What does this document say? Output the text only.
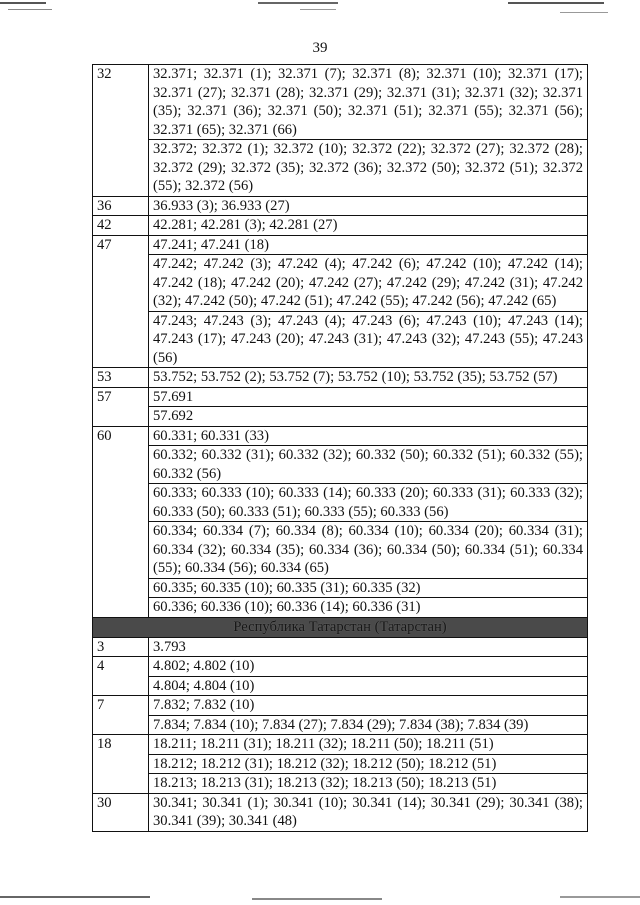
39
32	32.371; 32.371 (1); 32.371 (7); 32.371 (8); 32.371 (10); 32.371 (17); 32.371 (27); 32.371 (28); 32.371 (29); 32.371 (31); 32.371 (32); 32.371 (35); 32.371 (36); 32.371 (50); 32.371 (51); 32.371 (55); 32.371 (56); 32.371 (65); 32.371 (66)
	32.372; 32.372 (1); 32.372 (10); 32.372 (22); 32.372 (27); 32.372 (28); 32.372 (29); 32.372 (35); 32.372 (36); 32.372 (50); 32.372 (51); 32.372 (55); 32.372 (56)
36	36.933 (3); 36.933 (27)
42	42.281; 42.281 (3); 42.281 (27)
47	47.241; 47.241 (18)
	47.242; 47.242 (3); 47.242 (4); 47.242 (6); 47.242 (10); 47.242 (14); 47.242 (18); 47.242 (20); 47.242 (27); 47.242 (29); 47.242 (31); 47.242 (32); 47.242 (50); 47.242 (51); 47.242 (55); 47.242 (56); 47.242 (65)
	47.243; 47.243 (3); 47.243 (4); 47.243 (6); 47.243 (10); 47.243 (14); 47.243 (17); 47.243 (20); 47.243 (31); 47.243 (32); 47.243 (55); 47.243 (56)
53	53.752; 53.752 (2); 53.752 (7); 53.752 (10); 53.752 (35); 53.752 (57)
57	57.691
	57.692
60	60.331; 60.331 (33)
	60.332; 60.332 (31); 60.332 (32); 60.332 (50); 60.332 (51); 60.332 (55); 60.332 (56)
	60.333; 60.333 (10); 60.333 (14); 60.333 (20); 60.333 (31); 60.333 (32); 60.333 (50); 60.333 (51); 60.333 (55); 60.333 (56)
	60.334; 60.334 (7); 60.334 (8); 60.334 (10); 60.334 (20); 60.334 (31); 60.334 (32); 60.334 (35); 60.334 (36); 60.334 (50); 60.334 (51); 60.334 (55); 60.334 (56); 60.334 (65)
	60.335; 60.335 (10); 60.335 (31); 60.335 (32)
	60.336; 60.336 (10); 60.336 (14); 60.336 (31)
Республика Татарстан (Татарстан)	
3	3.793
4	4.802; 4.802 (10)
	4.804; 4.804 (10)
7	7.832; 7.832 (10)
	7.834; 7.834 (10); 7.834 (27); 7.834 (29); 7.834 (38); 7.834 (39)
18	18.211; 18.211 (31); 18.211 (32); 18.211 (50); 18.211 (51)
	18.212; 18.212 (31); 18.212 (32); 18.212 (50); 18.212 (51)
	18.213; 18.213 (31); 18.213 (32); 18.213 (50); 18.213 (51)
30	30.341; 30.341 (1); 30.341 (10); 30.341 (14); 30.341 (29); 30.341 (38); 30.341 (39); 30.341 (48)
